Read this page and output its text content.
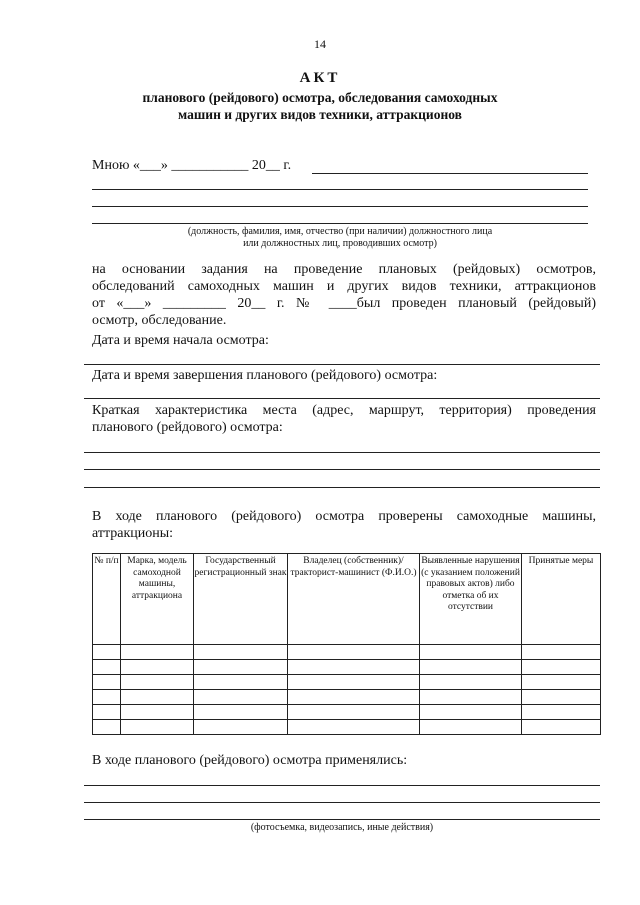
14
АКТ
планового (рейдового) осмотра, обследования самоходных
машин и других видов техники, аттракционов
Мною «___» ___________ 20__ г.
(должность, фамилия, имя, отчество (при наличии) должностного лица
или должностных лиц, проводивших осмотр)
на основании задания на проведение плановых (рейдовых) осмотров,
обследований самоходных машин и других видов техники, аттракционов
от «___» _________ 20__ г. № ____был проведен плановый (рейдовый)
осмотр, обследование.
Дата и время начала осмотра:
Дата и время завершения планового (рейдового) осмотра:
Краткая характеристика места (адрес, маршрут, территория) проведения
планового (рейдового) осмотра:
В ходе планового (рейдового) осмотра проверены самоходные машины,
аттракционы:
№ п/п	Марка, модель самоходной машины, аттракциона	Государственный регистрационный знак	Владелец (собственник)/тракторист-машинист (Ф.И.О.)	Выявленные нарушения (с указанием положений правовых актов) либо отметка об их отсутствии	Принятые меры

В ходе планового (рейдового) осмотра применялись:
(фотосъемка, видеозапись, иные действия)
